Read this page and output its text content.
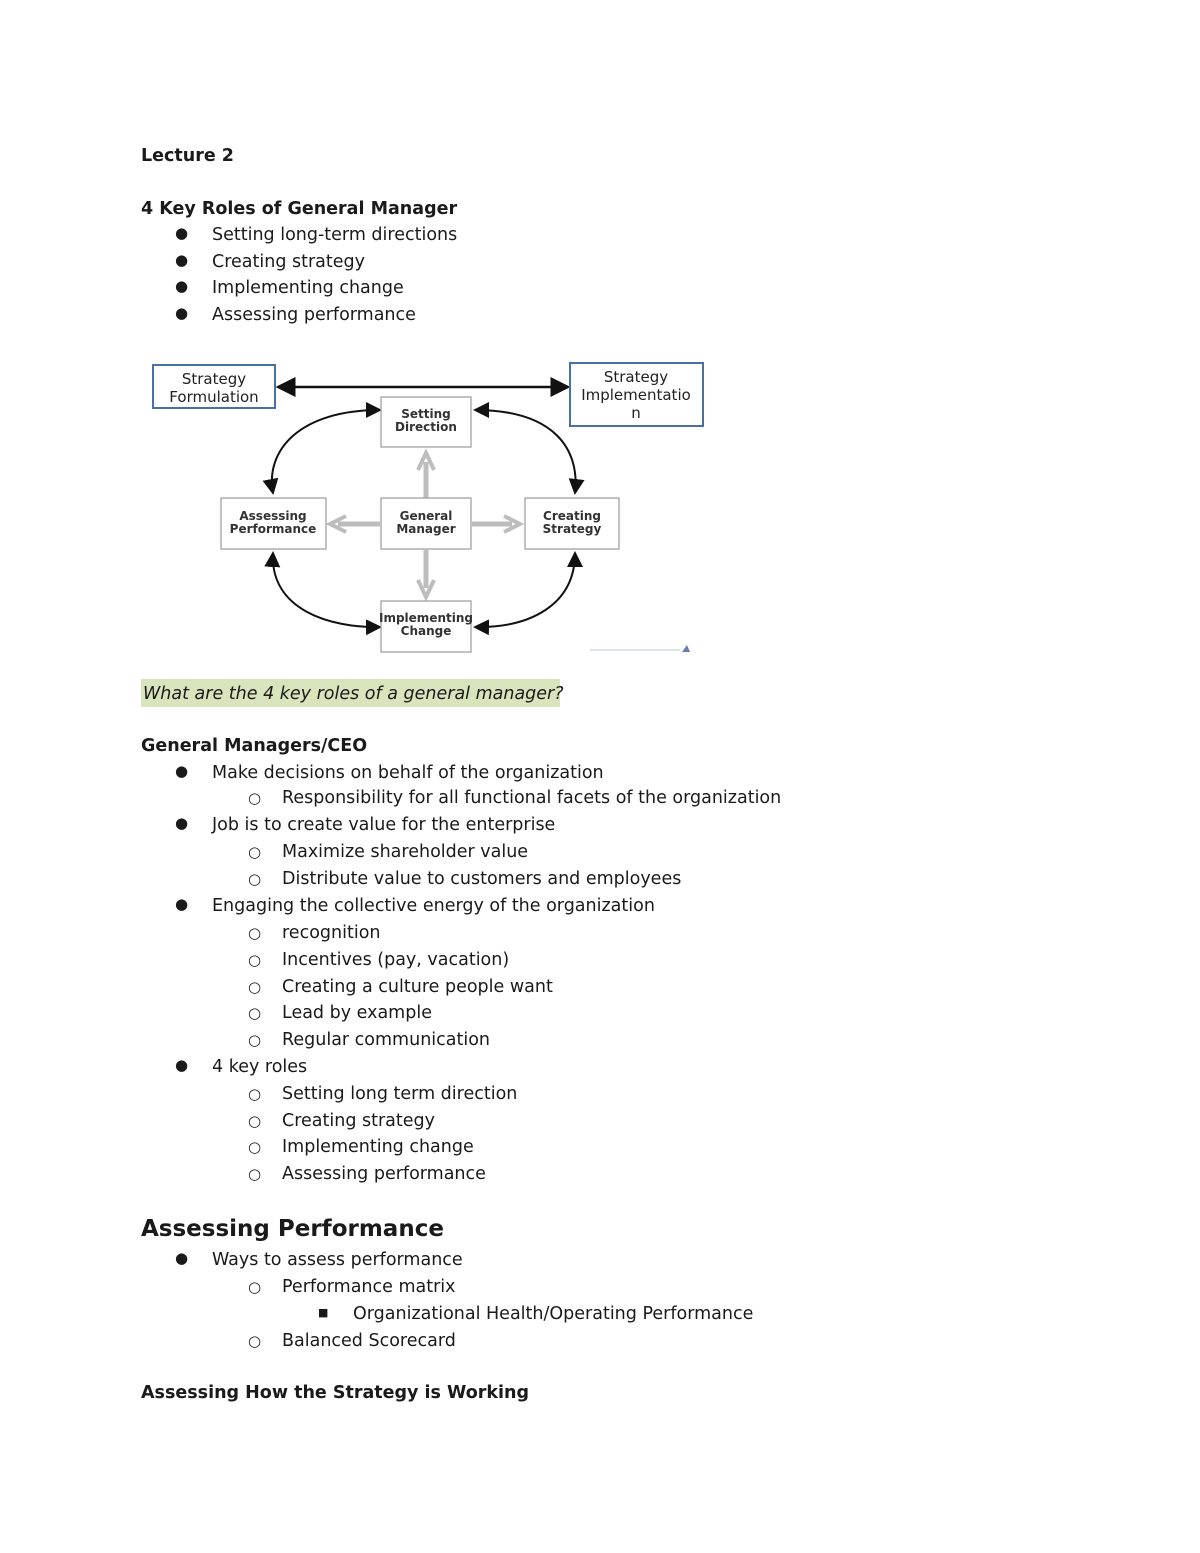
Lecture 2
4 Key Roles of General Manager
● Setting long-term directions
● Creating strategy
● Implementing change
● Assessing performance
Strategy
Formulation
Strategy
Implementatio
n
Setting
Direction
Assessing
Performance
General
Manager
Creating
Strategy
Implementing
Change
What are the 4 key roles of a general manager?
General Managers/CEO
● Make decisions on behalf of the organization
○ Responsibility for all functional facets of the organization
● Job is to create value for the enterprise
○ Maximize shareholder value
○ Distribute value to customers and employees
● Engaging the collective energy of the organization
○ recognition
○ Incentives (pay, vacation)
○ Creating a culture people want
○ Lead by example
○ Regular communication
● 4 key roles
○ Setting long term direction
○ Creating strategy
○ Implementing change
○ Assessing performance
Assessing Performance
● Ways to assess performance
○ Performance matrix
■ Organizational Health/Operating Performance
○ Balanced Scorecard
Assessing How the Strategy is Working
